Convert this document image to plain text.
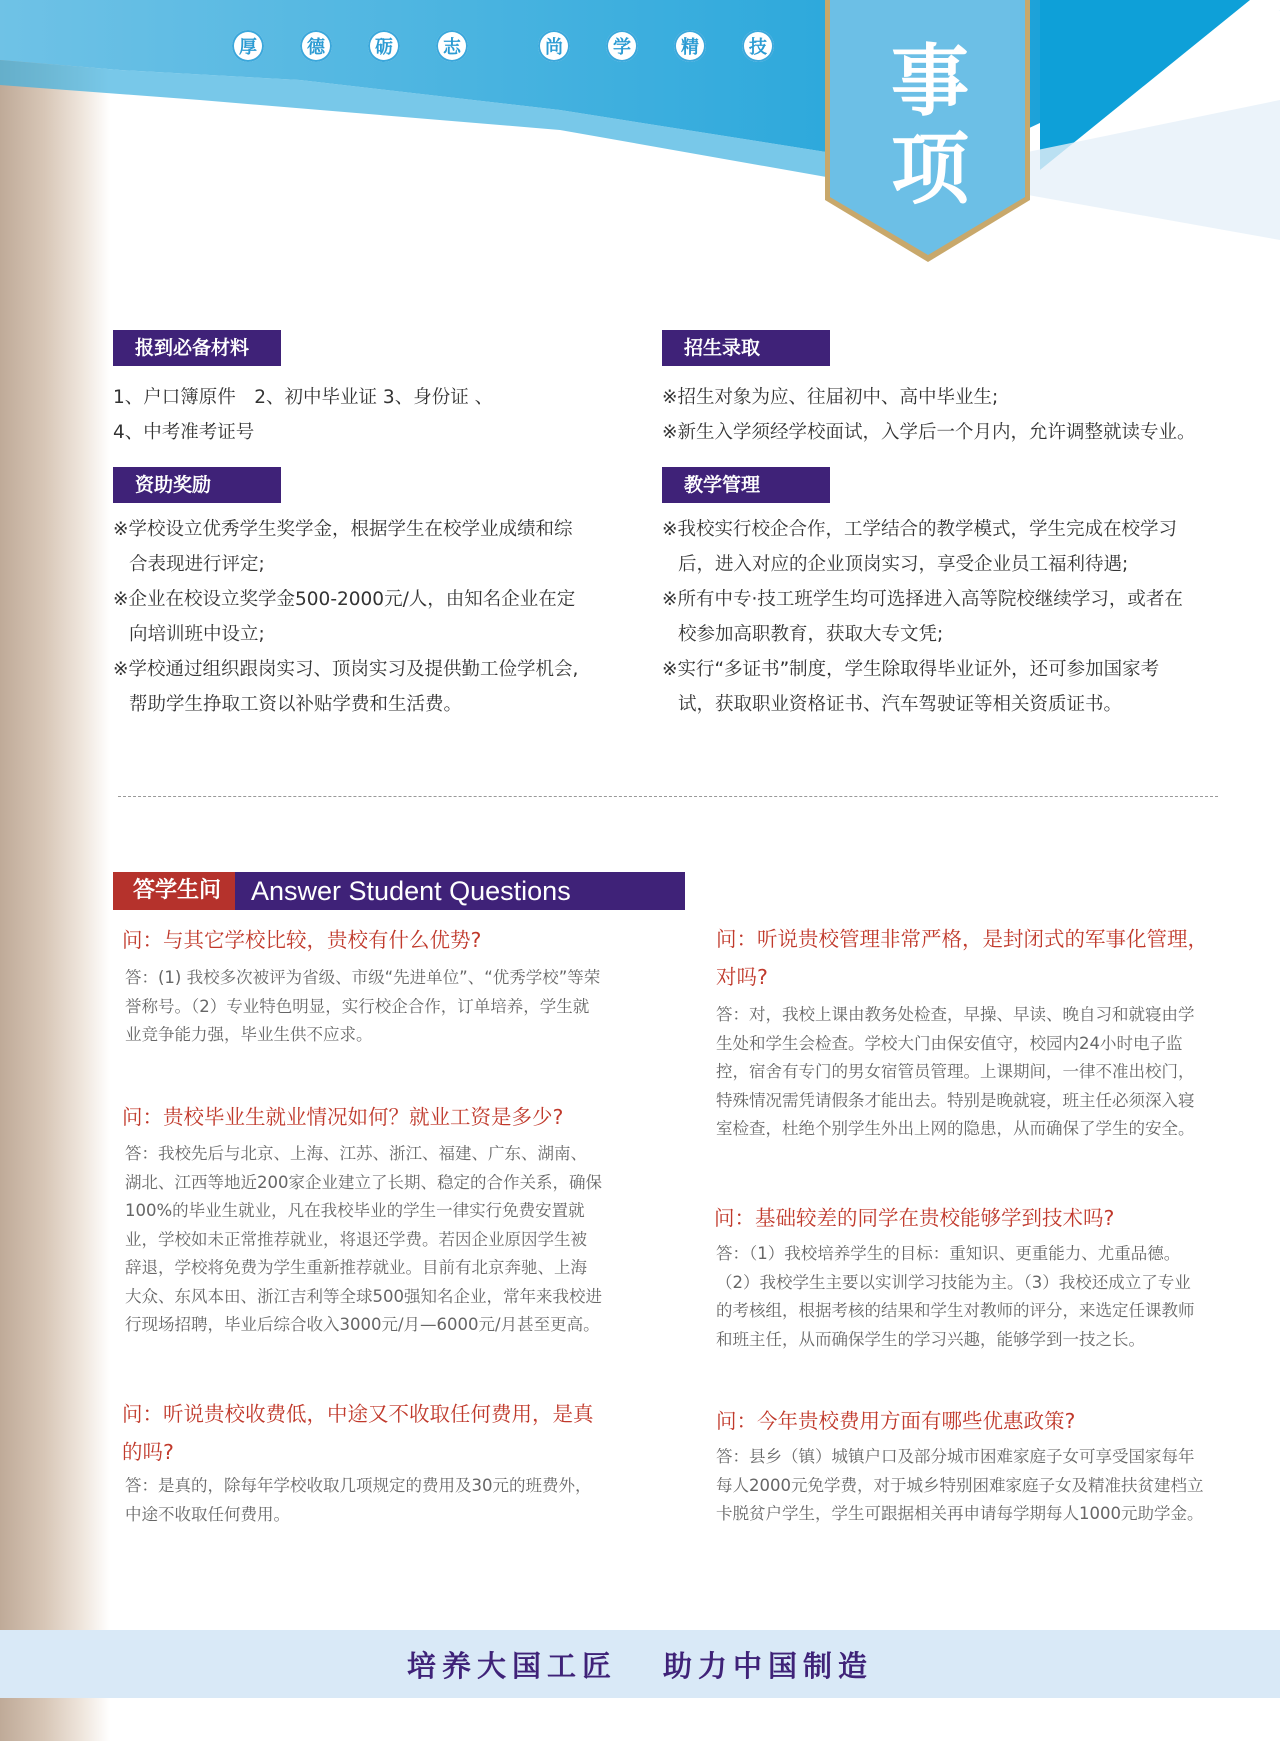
厚	德	砺	志	尚	学	精	技 事
项
报到必备材料
1、户口簿原件　2、初中毕业证 3、身份证 、
4、中考准考证号
资助奖励
※学校设立优秀学生奖学金，根据学生在校学业成绩和综
合表现进行评定;
※企业在校设立奖学金500-2000元/人，由知名企业在定
向培训班中设立;
※学校通过组织跟岗实习、顶岗实习及提供勤工俭学机会,
帮助学生挣取工资以补贴学费和生活费。
招生录取
※招生对象为应、往届初中、高中毕业生;
※新生入学须经学校面试，入学后一个月内，允许调整就读专业。
教学管理
※我校实行校企合作，工学结合的教学模式，学生完成在校学习
后，进入对应的企业顶岗实习，享受企业员工福利待遇;
※所有中专·技工班学生均可选择进入高等院校继续学习，或者在
校参加高职教育，获取大专文凭;
※实行“多证书”制度，学生除取得毕业证外，还可参加国家考
试，获取职业资格证书、汽车驾驶证等相关资质证书。
答学生问	Answer Student Questions
问：与其它学校比较，贵校有什么优势?
答：(1) 我校多次被评为省级、市级“先进单位”、“优秀学校”等荣誉称号。（2）专业特色明显，实行校企合作，订单培养，学生就业竞争能力强，毕业生供不应求。
问：贵校毕业生就业情况如何？就业工资是多少?
答：我校先后与北京、上海、江苏、浙江、福建、广东、湖南、湖北、江西等地近200家企业建立了长期、稳定的合作关系，确保100%的毕业生就业，凡在我校毕业的学生一律实行免费安置就业，学校如未正常推荐就业，将退还学费。若因企业原因学生被辞退，学校将免费为学生重新推荐就业。目前有北京奔驰、上海大众、东风本田、浙江吉利等全球500强知名企业，常年来我校进行现场招聘，毕业后综合收入3000元/月—6000元/月甚至更高。
问：听说贵校收费低，中途又不收取任何费用，是真的吗?
答：是真的，除每年学校收取几项规定的费用及30元的班费外，中途不收取任何费用。
问：听说贵校管理非常严格，是封闭式的军事化管理，对吗?
答：对，我校上课由教务处检查，早操、早读、晚自习和就寝由学生处和学生会检查。学校大门由保安值守，校园内24小时电子监控，宿舍有专门的男女宿管员管理。上课期间，一律不准出校门，特殊情况需凭请假条才能出去。特别是晚就寝，班主任必须深入寝室检查，杜绝个别学生外出上网的隐患，从而确保了学生的安全。
问：基础较差的同学在贵校能够学到技术吗?
答：（1）我校培养学生的目标：重知识、更重能力、尤重品德。（2）我校学生主要以实训学习技能为主。（3）我校还成立了专业的考核组，根据考核的结果和学生对教师的评分，来选定任课教师和班主任，从而确保学生的学习兴趣，能够学到一技之长。
问：今年贵校费用方面有哪些优惠政策?
答：县乡（镇）城镇户口及部分城市困难家庭子女可享受国家每年每人2000元免学费，对于城乡特别困难家庭子女及精准扶贫建档立卡脱贫户学生，学生可跟据相关再申请每学期每人1000元助学金。
培养大国工匠 助力中国制造
